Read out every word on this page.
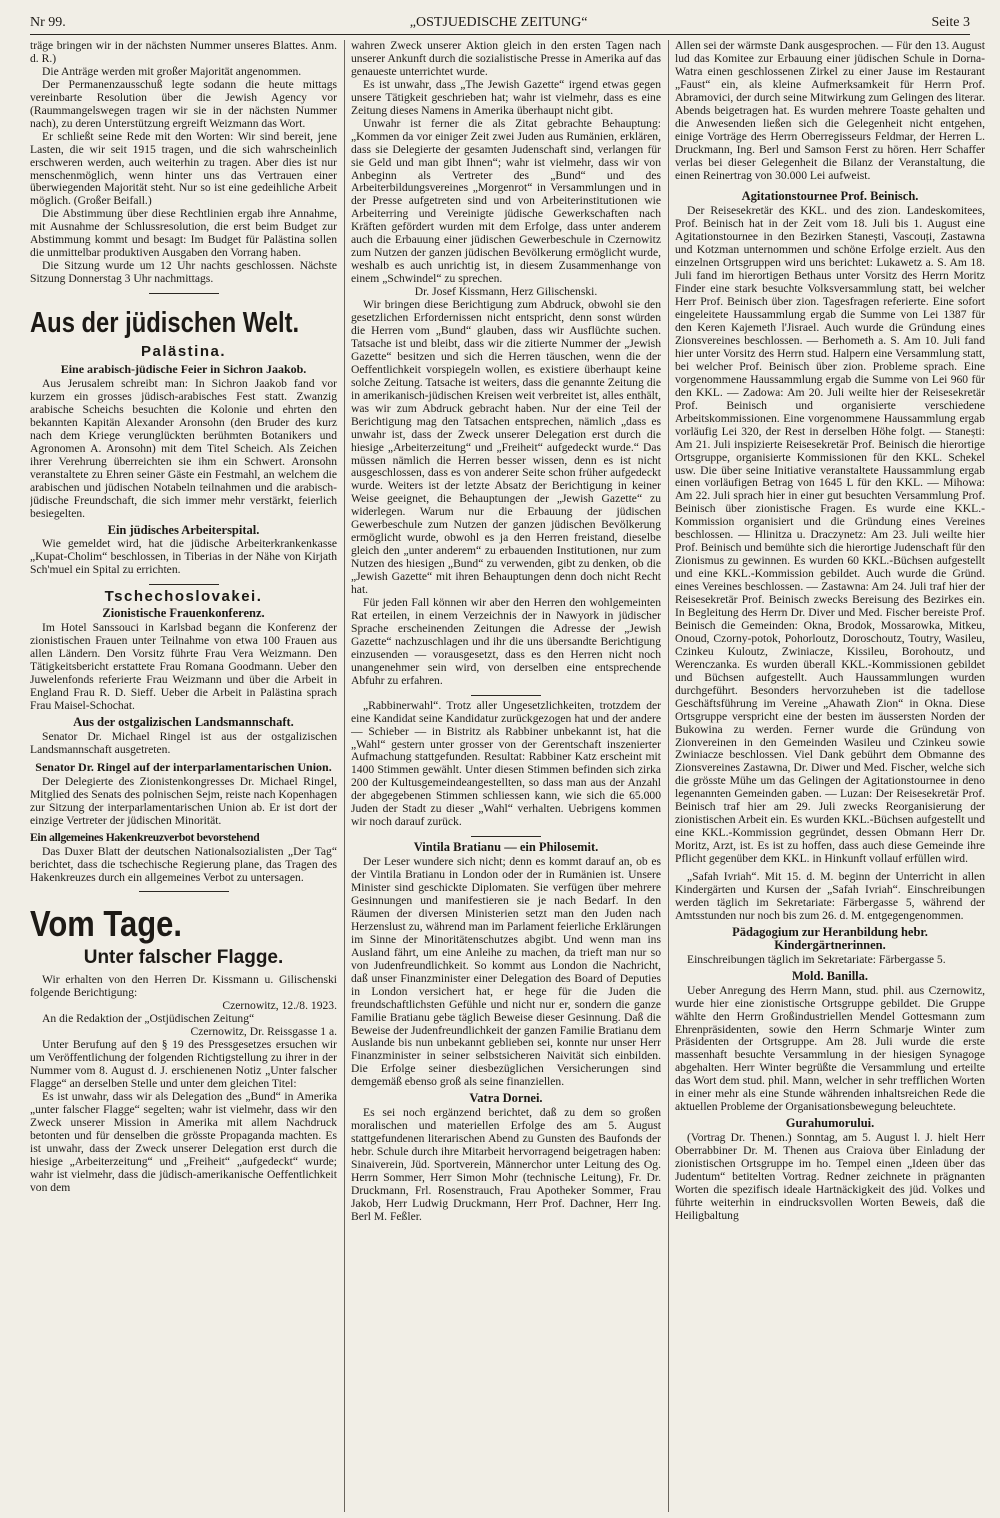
Nr 99.	„OSTJUEDISCHE ZEITUNG“	Seite 3

träge bringen wir in der nächsten Nummer unseres Blattes. Anm. d. R.)

Die Anträge werden mit großer Majorität angenommen.

Der Permanenzausschuß legte sodann die heute mittags vereinbarte Resolution über die Jewish Agency vor (Raummangelswegen tragen wir sie in der nächsten Nummer nach), zu deren Unterstützung ergreift Weizmann das Wort.

Er schließt seine Rede mit den Worten: Wir sind bereit, jene Lasten, die wir seit 1915 tragen, und die sich wahrscheinlich erschweren werden, auch weiterhin zu tragen. Aber dies ist nur menschenmöglich, wenn hinter uns das Vertrauen einer überwiegenden Majorität steht. Nur so ist eine gedeihliche Arbeit möglich. (Großer Beifall.)

Die Abstimmung über diese Rechtlinien ergab ihre Annahme, mit Ausnahme der Schlussresolution, die erst beim Budget zur Abstimmung kommt und besagt: Im Budget für Palästina sollen die unmittelbar produktiven Ausgaben den Vorrang haben.

Die Sitzung wurde um 12 Uhr nachts geschlossen. Nächste Sitzung Donnerstag 3 Uhr nachmittags.

Aus der jüdischen Welt.
Palästina.
Eine arabisch-jüdische Feier in Sichron Jaakob.

Aus Jerusalem schreibt man: In Sichron Jaakob fand vor kurzem ein grosses jüdisch-arabisches Fest statt. Zwanzig arabische Scheichs besuchten die Kolonie und ehrten den bekannten Kapitän Alexander Aronsohn (den Bruder des kurz nach dem Kriege verunglückten berühmten Botanikers und Agronomen A. Aronsohn) mit dem Titel Scheich. Als Zeichen ihrer Verehrung überreichten sie ihm ein Schwert. Aronsohn veranstaltete zu Ehren seiner Gäste ein Festmahl, an welchem die arabischen und jüdischen Notabeln teilnahmen und die arabisch-jüdische Freundschaft, die sich immer mehr verstärkt, feierlich besiegelten.

Ein jüdisches Arbeiterspital.

Wie gemeldet wird, hat die jüdische Arbeiterkrankenkasse „Kupat-Cholim“ beschlossen, in Tiberias in der Nähe von Kirjath Sch'muel ein Spital zu errichten.

Tschechoslovakei.
Zionistische Frauenkonferenz.

Im Hotel Sanssouci in Karlsbad begann die Konferenz der zionistischen Frauen unter Teilnahme von etwa 100 Frauen aus allen Ländern. Den Vorsitz führte Frau Vera Weizmann. Den Tätigkeitsbericht erstattete Frau Romana Goodmann. Ueber den Juwelenfonds referierte Frau Weizmann und über die Arbeit in England Frau R. D. Sieff. Ueber die Arbeit in Palästina sprach Frau Maisel-Schochat.

Aus der ostgalizischen Landsmannschaft.

Senator Dr. Michael Ringel ist aus der ostgalizischen Landsmannschaft ausgetreten.

Senator Dr. Ringel auf der interparlamentarischen Union.

Der Delegierte des Zionistenkongresses Dr. Michael Ringel, Mitglied des Senats des polnischen Sejm, reiste nach Kopenhagen zur Sitzung der interparlamentarischen Union ab. Er ist dort der einzige Vertreter der jüdischen Minorität.

Ein allgemeines Hakenkreuzverbot bevorstehend

Das Duxer Blatt der deutschen Nationalsozialisten „Der Tag“ berichtet, dass die tschechische Regierung plane, das Tragen des Hakenkreuzes durch ein allgemeines Verbot zu untersagen.

Vom Tage.
Unter falscher Flagge.

Wir erhalten von den Herren Dr. Kissmann u. Gilischenski folgende Berichtigung:

Czernowitz, 12./8. 1923.

An die Redaktion der „Ostjüdischen Zeitung“

Czernowitz, Dr. Reissgasse 1 a.

Unter Berufung auf den § 19 des Pressgesetzes ersuchen wir um Veröffentlichung der folgenden Richtigstellung zu ihrer in der Nummer vom 8. August d. J. erschienenen Notiz „Unter falscher Flagge“ an derselben Stelle und unter dem gleichen Titel:

Es ist unwahr, dass wir als Delegation des „Bund“ in Amerika „unter falscher Flagge“ segelten; wahr ist vielmehr, dass wir den Zweck unserer Mission in Amerika mit allem Nachdruck betonten und für denselben die grösste Propaganda machten. Es ist unwahr, dass der Zweck unserer Delegation erst durch die hiesige „Arbeiterzeitung“ und „Freiheit“ „aufgedeckt“ wurde; wahr ist vielmehr, dass die jüdisch-amerikanische Oeffentlichkeit von dem

wahren Zweck unserer Aktion gleich in den ersten Tagen nach unserer Ankunft durch die sozialistische Presse in Amerika auf das genaueste unterrichtet wurde.

Es ist unwahr, dass „The Jewish Gazette“ irgend etwas gegen unsere Tätigkeit geschrieben hat; wahr ist vielmehr, dass es eine Zeitung dieses Namens in Amerika überhaupt nicht gibt.

Unwahr ist ferner die als Zitat gebrachte Behauptung: „Kommen da vor einiger Zeit zwei Juden aus Rumänien, erklären, dass sie Delegierte der gesamten Judenschaft sind, verlangen für sie Geld und man gibt Ihnen“; wahr ist vielmehr, dass wir von Anbeginn als Vertreter des „Bund“ und des Arbeiterbildungsvereines „Morgenrot“ in Versammlungen und in der Presse aufgetreten sind und von Arbeiterinstitutionen wie Arbeiterring und Vereinigte jüdische Gewerkschaften nach Kräften gefördert wurden mit dem Erfolge, dass unter anderem auch die Erbauung einer jüdischen Gewerbeschule in Czernowitz zum Nutzen der ganzen jüdischen Bevölkerung ermöglicht wurde, weshalb es auch unrichtig ist, in diesem Zusammenhange von einem „Schwindel“ zu sprechen.

Dr. Josef Kissmann, Herz Gilischenski.

Wir bringen diese Berichtigung zum Abdruck, obwohl sie den gesetzlichen Erfordernissen nicht entspricht, denn sonst würden die Herren vom „Bund“ glauben, dass wir Ausflüchte suchen. Tatsache ist und bleibt, dass wir die zitierte Nummer der „Jewish Gazette“ besitzen und sich die Herren täuschen, wenn die der Oeffentlichkeit vorspiegeln wollen, es existiere überhaupt keine solche Zeitung. Tatsache ist weiters, dass die genannte Zeitung die in amerikanisch-jüdischen Kreisen weit verbreitet ist, alles enthält, was wir zum Abdruck gebracht haben. Nur der eine Teil der Berichtigung mag den Tatsachen entsprechen, nämlich „dass es unwahr ist, dass der Zweck unserer Delegation erst durch die hiesige „Arbeiterzeitung“ und „Freiheit“ aufgedeckt wurde.“ Das müssen nämlich die Herren besser wissen, denn es ist nicht ausgeschlossen, dass es von anderer Seite schon früher aufgedeckt wurde. Weiters ist der letzte Absatz der Berichtigung in keiner Weise geeignet, die Behauptungen der „Jewish Gazette“ zu widerlegen. Warum nur die Erbauung der jüdischen Gewerbeschule zum Nutzen der ganzen jüdischen Bevölkerung ermöglicht wurde, obwohl es ja den Herren freistand, dieselbe gleich den „unter anderem“ zu erbauenden Institutionen, nur zum Nutzen des hiesigen „Bund“ zu verwenden, gibt zu denken, ob die „Jewish Gazette“ mit ihren Behauptungen denn doch nicht Recht hat.

Für jeden Fall können wir aber den Herren den wohlgemeinten Rat erteilen, in einem Verzeichnis der in Nawyork in jüdischer Sprache erscheinenden Zeitungen die Adresse der „Jewish Gazette“ nachzuschlagen und ihr die uns übersandte Berichtigung einzusenden — vorausgesetzt, dass es den Herren nicht noch unangenehmer sein wird, von derselben eine entsprechende Abfuhr zu erfahren.

„Rabbinerwahl“. Trotz aller Ungesetzlichkeiten, trotzdem der eine Kandidat seine Kandidatur zurückgezogen hat und der andere — Schieber — in Bistritz als Rabbiner unbekannt ist, hat die „Wahl“ gestern unter grosser von der Gerentschaft inszenierter Aufmachung stattgefunden. Resultat: Rabbiner Katz erscheint mit 1400 Stimmen gewählt. Unter diesen Stimmen befinden sich zirka 200 der Kultusgemeindeangestellten, so dass man aus der Anzahl der abgegebenen Stimmen schliessen kann, wie sich die 65.000 Juden der Stadt zu dieser „Wahl“ verhalten. Uebrigens kommen wir noch darauf zurück.

Vintila Bratianu — ein Philosemit.

Der Leser wundere sich nicht; denn es kommt darauf an, ob es der Vintila Bratianu in London oder der in Rumänien ist. Unsere Minister sind geschickte Diplomaten. Sie verfügen über mehrere Gesinnungen und manifestieren sie je nach Bedarf. In den Räumen der diversen Ministerien setzt man den Juden nach Herzenslust zu, während man im Parlament feierliche Erklärungen im Sinne der Minoritätenschutzes abgibt. Und wenn man ins Ausland fährt, um eine Anleihe zu machen, da trieft man nur so von Judenfreundlichkeit. So kommt aus London die Nachricht, daß unser Finanzminister einer Delegation des Board of Deputies in London versichert hat, er hege für die Juden die freundschaftlichsten Gefühle und nicht nur er, sondern die ganze Familie Bratianu gebe täglich Beweise dieser Gesinnung. Daß die Beweise der Judenfreundlichkeit der ganzen Familie Bratianu dem Auslande bis nun unbekannt geblieben sei, konnte nur unser Herr Finanzminister in seiner selbstsicheren Naivität sich einbilden. Die Erfolge seiner diesbezüglichen Versicherungen sind demgemäß ebenso groß als seine finanziellen.

Vatra Dornei.

Es sei noch ergänzend berichtet, daß zu dem so großen moralischen und materiellen Erfolge des am 5. August stattgefundenen literarischen Abend zu Gunsten des Baufonds der hebr. Schule durch ihre Mitarbeit hervorragend beigetragen haben: Sinaiverein, Jüd. Sportverein, Männerchor unter Leitung des Og. Herrn Sommer, Herr Simon Mohr (technische Leitung), Fr. Dr. Druckmann, Frl. Rosenstrauch, Frau Apotheker Sommer, Frau Jakob, Herr Ludwig Druckmann, Herr Prof. Dachner, Herr Ing. Berl M. Feßler.

Allen sei der wärmste Dank ausgesprochen. — Für den 13. August lud das Komitee zur Erbauung einer jüdischen Schule in Dorna-Watra einen geschlossenen Zirkel zu einer Jause im Restaurant „Faust“ ein, als kleine Aufmerksamkeit für Herrn Prof. Abramovici, der durch seine Mitwirkung zum Gelingen des literar. Abends beigetragen hat. Es wurden mehrere Toaste gehalten und die Anwesenden ließen sich die Gelegenheit nicht entgehen, einige Vorträge des Herrn Oberregisseurs Feldmar, der Herren L. Druckmann, Ing. Berl und Samson Ferst zu hören. Herr Schaffer verlas bei dieser Gelegenheit die Bilanz der Veranstaltung, die einen Reinertrag von 30.000 Lei aufweist.

Agitationstournee Prof. Beinisch.

Der Reisesekretär des KKL. und des zion. Landeskomitees, Prof. Beinisch hat in der Zeit vom 18. Juli bis 1. August eine Agitationstournee in den Bezirken Stanești, Vascouți, Zastawna und Kotzman unternommen und schöne Erfolge erzielt. Aus den einzelnen Ortsgruppen wird uns berichtet: Lukawetz a. S. Am 18. Juli fand im hierortigen Bethaus unter Vorsitz des Herrn Moritz Finder eine stark besuchte Volksversammlung statt, bei welcher Herr Prof. Beinisch über zion. Tagesfragen referierte. Eine sofort eingeleitete Haussammlung ergab die Summe von Lei 1387 für den Keren Kajemeth l'Jisrael. Auch wurde die Gründung eines Zionsvereines beschlossen. — Berhometh a. S. Am 10. Juli fand hier unter Vorsitz des Herrn stud. Halpern eine Versammlung statt, bei welcher Prof. Beinisch über zion. Probleme sprach. Eine vorgenommene Haussammlung ergab die Summe von Lei 960 für den KKL. — Zadowa: Am 20. Juli weilte hier der Reisesekretär Prof. Beinisch und organisierte verschiedene Arbeitskommissionen. Eine vorgenommene Haussammlung ergab vorläufig Lei 320, der Rest in derselben Höhe folgt. — Stanești: Am 21. Juli inspizierte Reisesekretär Prof. Beinisch die hierortige Ortsgruppe, organisierte Kommissionen für den KKL. Schekel usw. Die über seine Initiative veranstaltete Haussammlung ergab einen vorläufigen Betrag von 1645 L für den KKL. — Mihowa: Am 22. Juli sprach hier in einer gut besuchten Versammlung Prof. Beinisch über zionistische Fragen. Es wurde eine KKL.-Kommission organisiert und die Gründung eines Vereines beschlossen. — Hlinitza u. Draczynetz: Am 23. Juli weilte hier Prof. Beinisch und bemühte sich die hierortige Judenschaft für den Zionismus zu gewinnen. Es wurden 60 KKL.-Büchsen aufgestellt und eine KKL.-Kommission gebildet. Auch wurde die Gründ. eines Vereines beschlossen. — Zastawna: Am 24. Juli traf hier der Reisesekretär Prof. Beinisch zwecks Bereisung des Bezirkes ein. In Begleitung des Herrn Dr. Diver und Med. Fischer bereiste Prof. Beinisch die Gemeinden: Okna, Brodok, Mossarowka, Mitkeu, Onoud, Czorny-potok, Pohorloutz, Doroschoutz, Toutry, Wasileu, Czinkeu Kuloutz, Zwiniacze, Kissileu, Borohoutz, und Werenczanka. Es wurden überall KKL.-Kommissionen gebildet und Büchsen aufgestellt. Auch Haussammlungen wurden durchgeführt. Besonders hervorzuheben ist die tadellose Geschäftsführung im Vereine „Ahawath Zion“ in Okna. Diese Ortsgruppe verspricht eine der besten im äussersten Norden der Bukowina zu werden. Ferner wurde die Gründung von Zionvereinen in den Gemeinden Wasileu und Czinkeu sowie Zwiniacze beschlossen. Viel Dank gebührt dem Obmanne des Zionsvereines Zastawna, Dr. Diwer und Med. Fischer, welche sich die grösste Mühe um das Gelingen der Agitationstournee in deno legenannten Gemeinden gaben. — Luzan: Der Reisesekretär Prof. Beinisch traf hier am 29. Juli zwecks Reorganisierung der zionistischen Arbeit ein. Es wurden KKL.-Büchsen aufgestellt und eine KKL.-Kommission gegründet, dessen Obmann Herr Dr. Moritz, Arzt, ist. Es ist zu hoffen, dass auch diese Gemeinde ihre Pflicht gegenüber dem KKL. in Hinkunft vollauf erfüllen wird.

„Safah Ivriah“. Mit 15. d. M. beginn der Unterricht in allen Kindergärten und Kursen der „Safah Ivriah“. Einschreibungen werden täglich im Sekretariate: Färbergasse 5, während der Amtsstunden nur noch bis zum 26. d. M. entgegengenommen.

Pädagogium zur Heranbildung hebr. Kindergärtnerinnen.

Einschreibungen täglich im Sekretariate: Färbergasse 5.

Mold. Banilla.

Ueber Anregung des Herrn Mann, stud. phil. aus Czernowitz, wurde hier eine zionistische Ortsgruppe gebildet. Die Gruppe wählte den Herrn Großindustriellen Mendel Gottesmann zum Ehrenpräsidenten, sowie den Herrn Schmarje Winter zum Präsidenten der Ortsgruppe. Am 28. Juli wurde die erste massenhaft besuchte Versammlung in der hiesigen Synagoge abgehalten. Herr Winter begrüßte die Versammlung und erteilte das Wort dem stud. phil. Mann, welcher in sehr trefflichen Worten in einer mehr als eine Stunde währenden inhaltsreichen Rede die aktuellen Probleme der Organisationsbewegung beleuchtete.

Gurahumorului.

(Vortrag Dr. Thenen.) Sonntag, am 5. August l. J. hielt Herr Oberrabbiner Dr. M. Thenen aus Craiova über Einladung der zionistischen Ortsgruppe im ho. Tempel einen „Ideen über das Judentum“ betitelten Vortrag. Redner zeichnete in prägnanten Worten die spezifisch ideale Hartnäckigkeit des jüd. Volkes und führte weiterhin in eindrucksvollen Worten Beweis, daß die Heiligbaltung
